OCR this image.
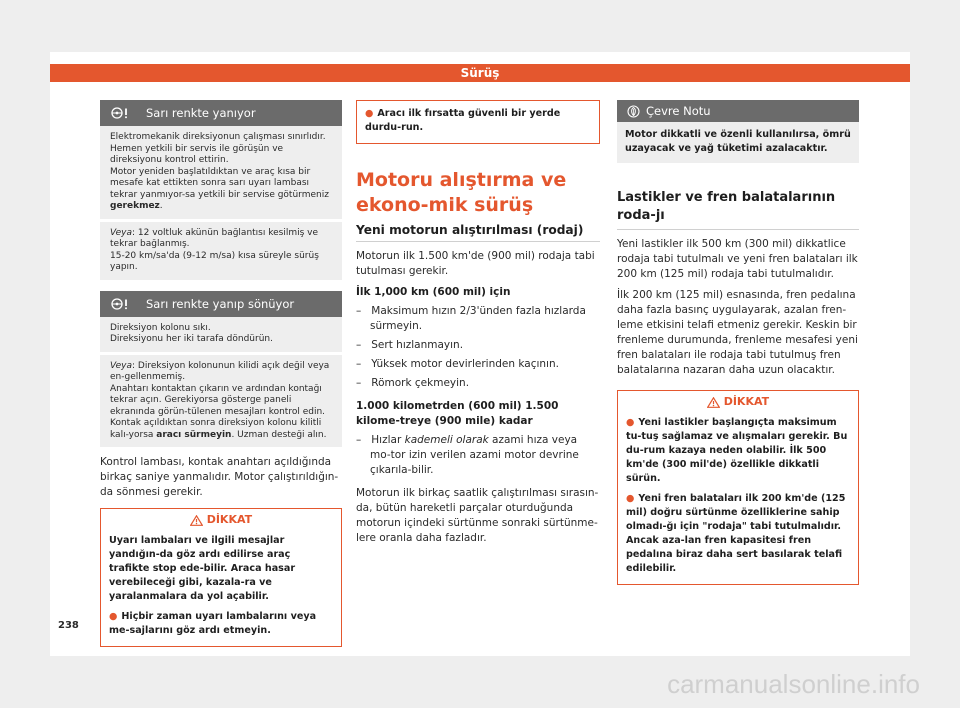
Sürüş
Sarı renkte yanıyor

Elektromekanik direksiyonun çalışması sınırlıdır.

Hemen yetkili bir servis ile görüşün ve direksiyonu kontrol ettirin.

Motor yeniden başlatıldıktan ve araç kısa bir mesafe kat ettikten sonra sarı uyarı lambası tekrar yanmıyor-sa yetkili bir servise götürmeniz gerekmez.

Veya: 12 voltluk akünün bağlantısı kesilmiş ve tekrar bağlanmış.

15-20 km/sa'da (9-12 m/sa) kısa süreyle sürüş yapın.

Sarı renkte yanıp sönüyor

Direksiyon kolonu sıkı.

Direksiyonu her iki tarafa döndürün.

Veya: Direksiyon kolonunun kilidi açık değil veya en-gellenmemiş.

Anahtarı kontaktan çıkarın ve ardından kontağı tekrar açın. Gerekiyorsa gösterge paneli ekranında görün-tülenen mesajları kontrol edin.

Kontak açıldıktan sonra direksiyon kolonu kilitli kalı-yorsa aracı sürmeyin. Uzman desteği alın.

Kontrol lambası, kontak anahtarı açıldığında birkaç saniye yanmalıdır. Motor çalıştırıldığın-da sönmesi gerekir.

DİKKAT

Uyarı lambaları ve ilgili mesajlar yandığın-da göz ardı edilirse araç trafikte stop ede-bilir. Araca hasar verebileceği gibi, kazala-ra ve yaralanmalara da yol açabilir.

● Hiçbir zaman uyarı lambalarını veya me-sajlarını göz ardı etmeyin.

● Aracı ilk fırsatta güvenli bir yerde durdu-run.

Motoru alıştırma ve ekono-mik sürüş
Yeni motorun alıştırılması (rodaj)

Motorun ilk 1.500 km'de (900 mil) rodaja tabi tutulması gerekir.

İlk 1,000 km (600 mil) için

–   Maksimum hızın 2/3'ünden fazla hızlarda sürmeyin.
–   Sert hızlanmayın.
–   Yüksek motor devirlerinden kaçının.
–   Römork çekmeyin.

1.000 kilometrden (600 mil) 1.500 kilome-treye (900 mile) kadar

–   Hızlar kademeli olarak azami hıza veya mo-tor izin verilen azami motor devrine çıkarıla-bilir.

Motorun ilk birkaç saatlik çalıştırılması sırasın-da, bütün hareketli parçalar oturduğunda motorun içindeki sürtünme sonraki sürtünme-lere oranla daha fazladır.

Çevre Notu
Motor dikkatli ve özenli kullanılırsa, ömrü uzayacak ve yağ tüketimi azalacaktır.
Lastikler ve fren balatalarının roda-jı

Yeni lastikler ilk 500 km (300 mil) dikkatlice rodaja tabi tutulmalı ve yeni fren balataları ilk 200 km (125 mil) rodaja tabi tutulmalıdır.

İlk 200 km (125 mil) esnasında, fren pedalına daha fazla basınç uygulayarak, azalan fren-leme etkisini telafi etmeniz gerekir. Keskin bir frenleme durumunda, frenleme mesafesi yeni fren balataları ile rodaja tabi tutulmuş fren balatalarına nazaran daha uzun olacaktır.

DİKKAT

● Yeni lastikler başlangıçta maksimum tu-tuş sağlamaz ve alışmaları gerekir. Bu du-rum kazaya neden olabilir. İlk 500 km'de (300 mil'de) özellikle dikkatli sürün.

● Yeni fren balataları ilk 200 km'de (125 mil) doğru sürtünme özelliklerine sahip olmadı-ğı için "rodaja" tabi tutulmalıdır. Ancak aza-lan fren kapasitesi fren pedalına biraz daha sert basılarak telafi edilebilir.

238
carmanualsonline.info
